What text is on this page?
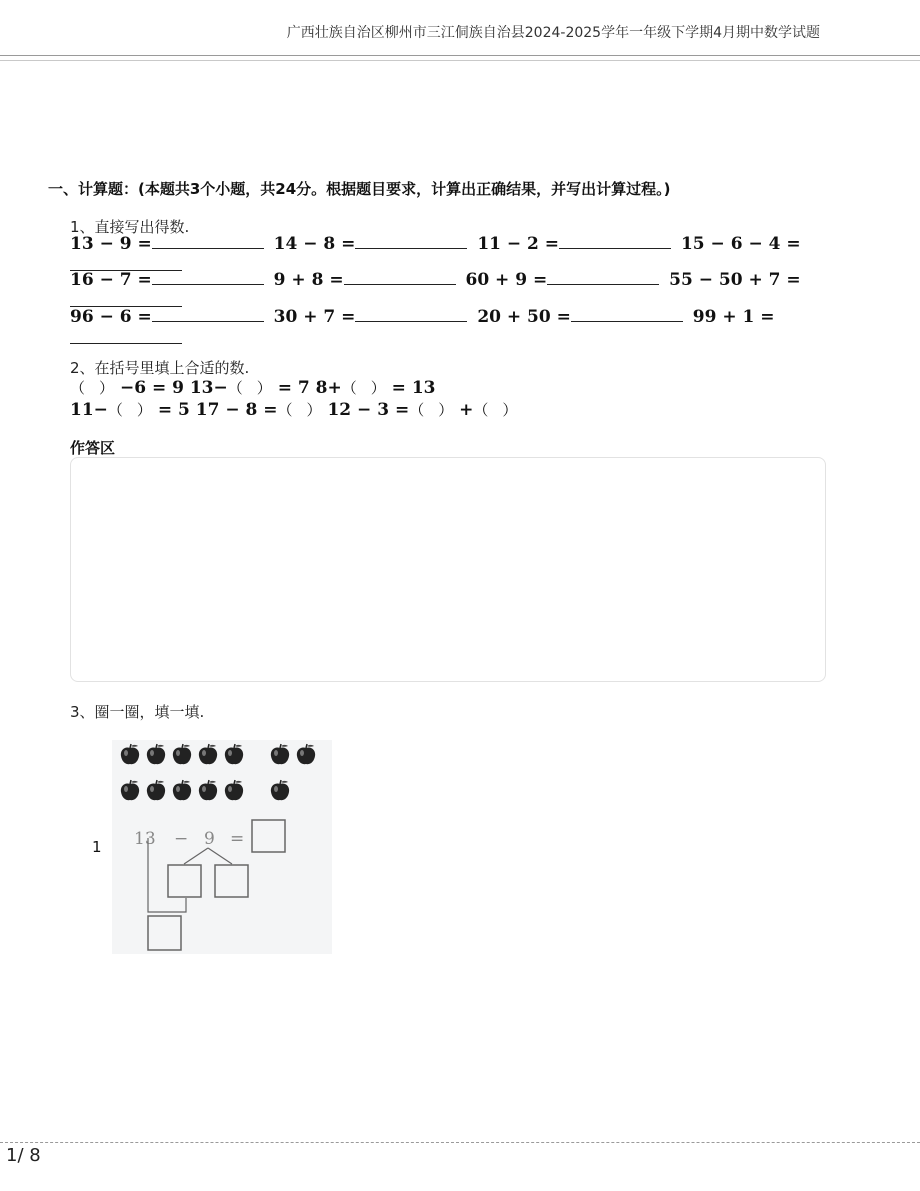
广西壮族自治区柳州市三江侗族自治县2024-2025学年一年级下学期4月期中数学试题
一、计算题：(本题共3个小题，共24分。根据题目要求，计算出正确结果，并写出计算过程。)
1、直接写出得数.
13 − 9 =	14 − 8 =	11 − 2 =	15 − 6 − 4 =
16 − 7 =	9 + 8 =	60 + 9 =	55 − 50 + 7 =
96 − 6 =	30 + 7 =	20 + 50 =	99 + 1 =
2、在括号里填上合适的数.
（ ） −6 = 9 13−（ ） = 7 8+（ ） = 13
11−（ ） = 5 17 − 8 =（ ） 12 − 3 =（ ） +（ ）
作答区
3、圈一圈，填一填.
1 13 − 9 =
1/ 8
